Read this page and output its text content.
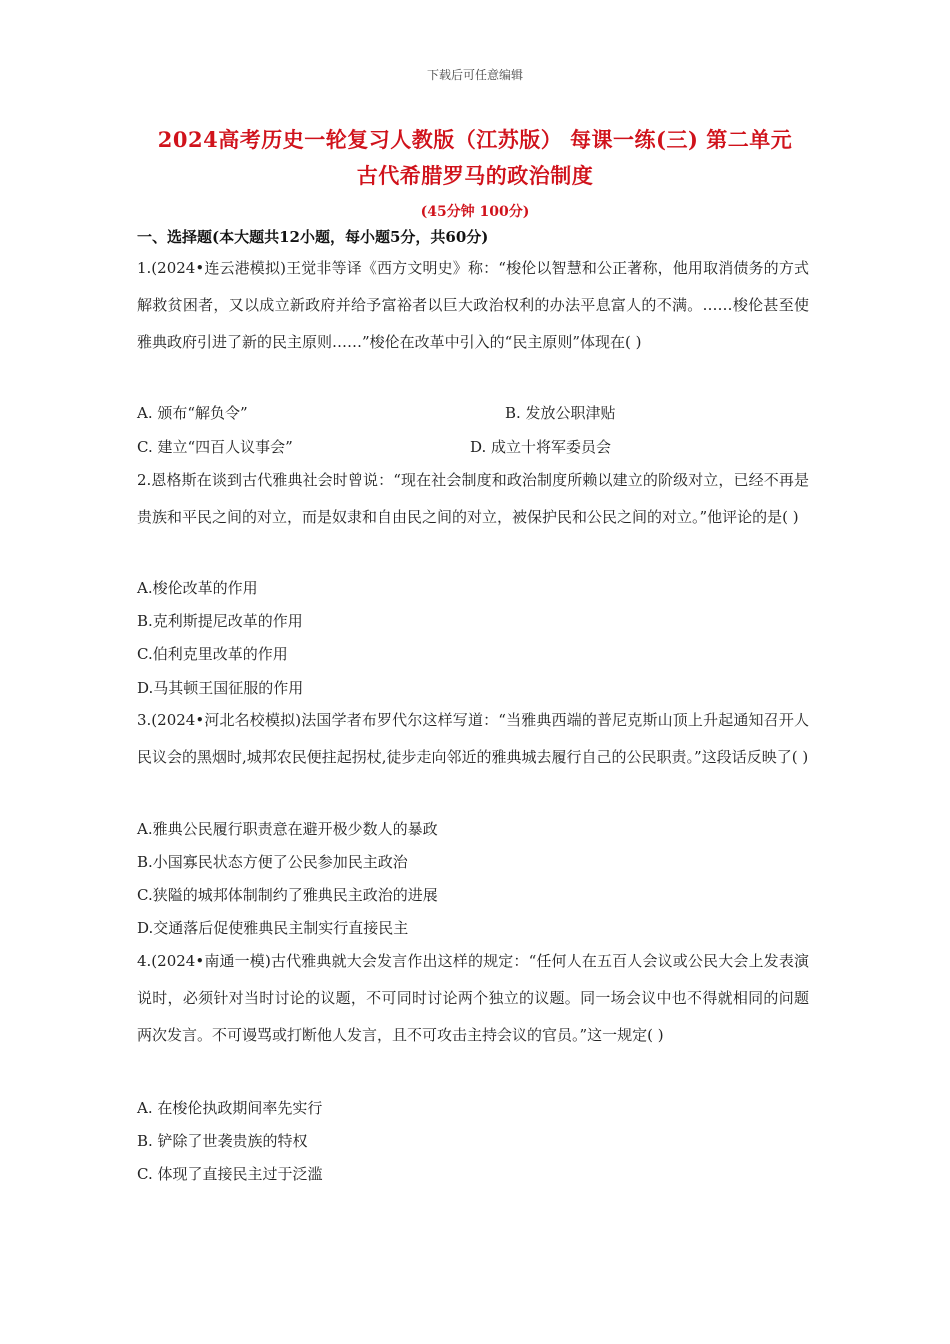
下载后可任意编辑
2024高考历史一轮复习人教版（江苏版） 每课一练(三) 第二单元
古代希腊罗马的政治制度
(45分钟 100分)
一、选择题(本大题共12小题，每小题5分，共60分)

1.(2024•连云港模拟)王觉非等译《西方文明史》称：“梭伦以智慧和公正著称，他用取消债务的方式解救贫困者，又以成立新政府并给予富裕者以巨大政治权利的办法平息富人的不满。……梭伦甚至使雅典政府引进了新的民主原则……”梭伦在改革中引入的“民主原则”体现在( )

A. 颁布“解负令”	B. 发放公职津贴
C. 建立“四百人议事会”	D. 成立十将军委员会

2.恩格斯在谈到古代雅典社会时曾说：“现在社会制度和政治制度所赖以建立的阶级对立，已经不再是贵族和平民之间的对立，而是奴隶和自由民之间的对立，被保护民和公民之间的对立。”他评论的是( )

A.梭伦改革的作用
B.克利斯提尼改革的作用
C.伯利克里改革的作用
D.马其顿王国征服的作用

3.(2024•河北名校模拟)法国学者布罗代尔这样写道：“当雅典西端的普尼克斯山顶上升起通知召开人民议会的黑烟时,城邦农民便拄起拐杖,徒步走向邻近的雅典城去履行自己的公民职责。”这段话反映了( )

A.雅典公民履行职责意在避开极少数人的暴政
B.小国寡民状态方便了公民参加民主政治
C.狭隘的城邦体制制约了雅典民主政治的进展
D.交通落后促使雅典民主制实行直接民主

4.(2024•南通一模)古代雅典就大会发言作出这样的规定：“任何人在五百人会议或公民大会上发表演说时，必须针对当时讨论的议题，不可同时讨论两个独立的议题。同一场会议中也不得就相同的问题两次发言。不可谩骂或打断他人发言，且不可攻击主持会议的官员。”这一规定( )

A. 在梭伦执政期间率先实行
B. 铲除了世袭贵族的特权
C. 体现了直接民主过于泛滥
